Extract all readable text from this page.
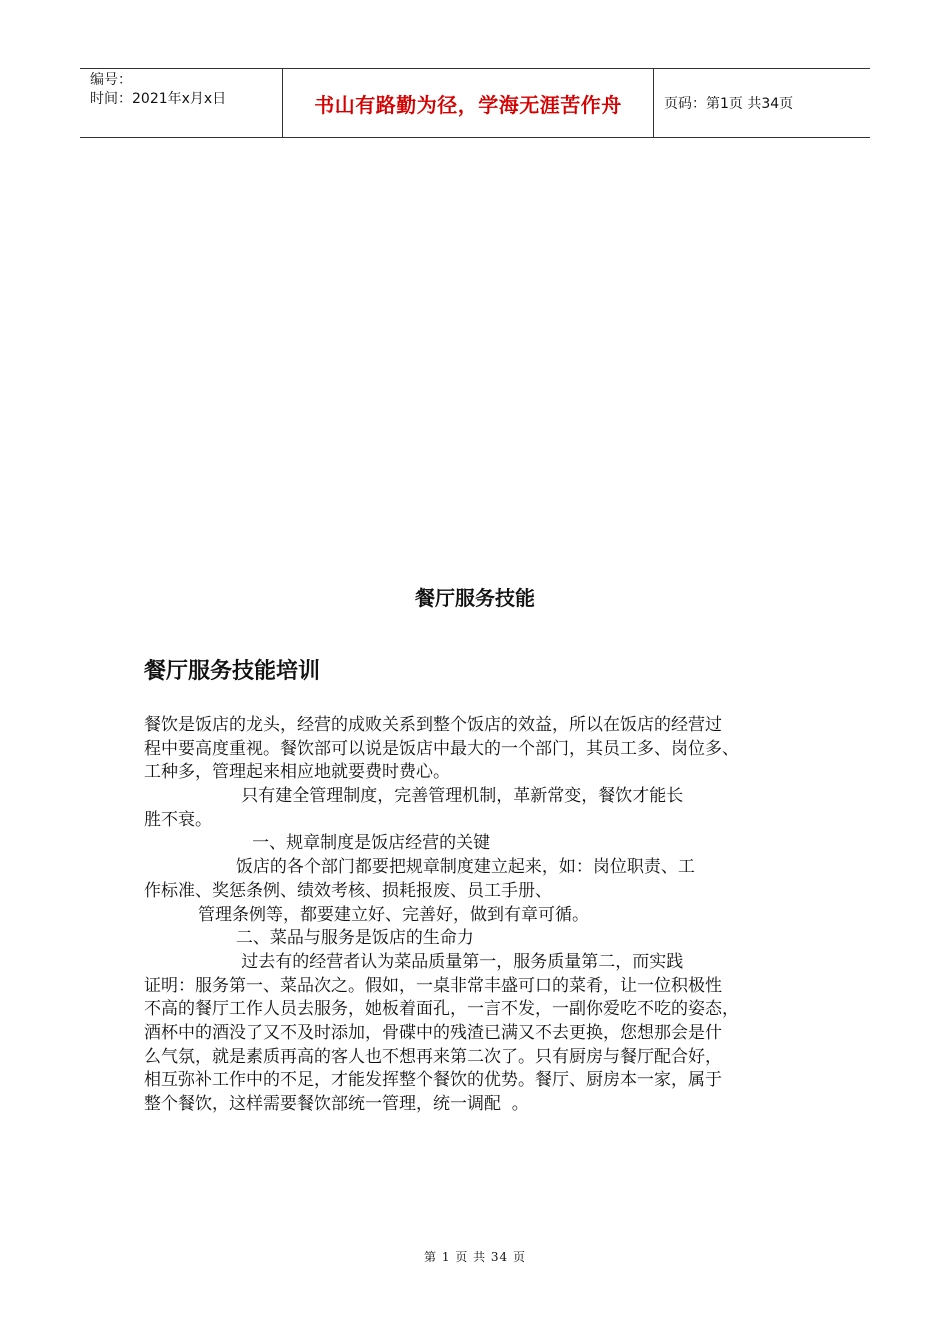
编号：
时间：2021年x月x日	书山有路勤为径，学海无涯苦作舟	页码：第1页 共34页
餐厅服务技能
餐厅服务技能培训
餐饮是饭店的龙头，经营的成败关系到整个饭店的效益，所以在饭店的经营过
程中要高度重视。餐饮部可以说是饭店中最大的一个部门，其员工多、岗位多、
工种多，管理起来相应地就要费时费心。
只有建全管理制度，完善管理机制，革新常变，餐饮才能长
胜不衰。
一、规章制度是饭店经营的关键
饭店的各个部门都要把规章制度建立起来，如：岗位职责、工
作标准、奖惩条例、绩效考核、损耗报废、员工手册、
管理条例等，都要建立好、完善好，做到有章可循。
二、菜品与服务是饭店的生命力
过去有的经营者认为菜品质量第一，服务质量第二，而实践
证明：服务第一、菜品次之。假如，一桌非常丰盛可口的菜肴，让一位积极性
不高的餐厅工作人员去服务，她板着面孔，一言不发，一副你爱吃不吃的姿态，
酒杯中的酒没了又不及时添加，骨碟中的残渣已满又不去更换，您想那会是什
么气氛，就是素质再高的客人也不想再来第二次了。只有厨房与餐厅配合好，
相互弥补工作中的不足，才能发挥整个餐饮的优势。餐厅、厨房本一家，属于
整个餐饮，这样需要餐饮部统一管理，统一调配  。
第 1 页 共 34 页
